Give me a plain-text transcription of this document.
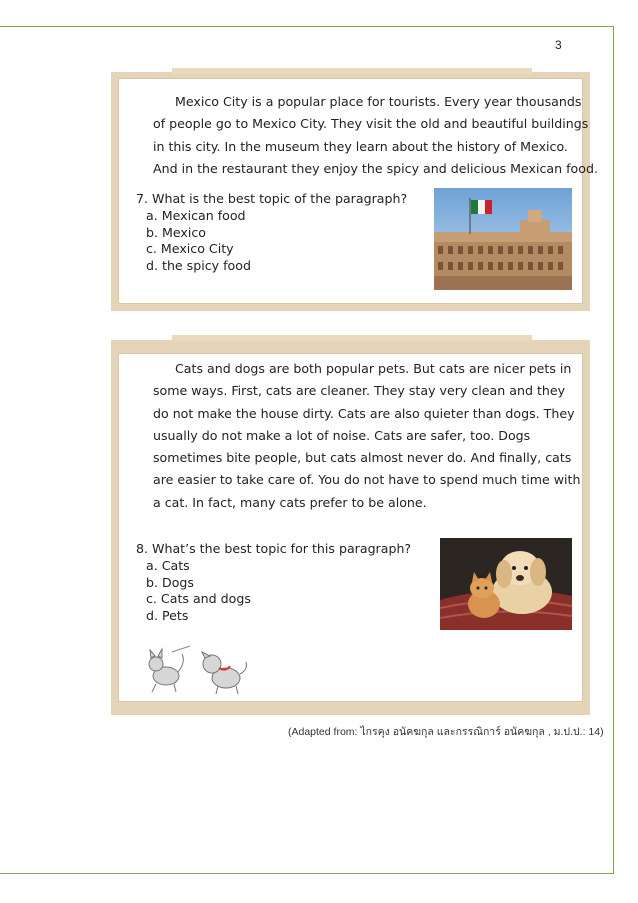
3

Mexico City is a popular place for tourists. Every year thousands

of people go to Mexico City. They visit the old and beautiful buildings

in this city. In the museum they learn about the history of Mexico.

And in the restaurant they enjoy the spicy and delicious Mexican food.

7. What is the best topic of the paragraph?
a. Mexican food
b. Mexico
c. Mexico City
d. the spicy food

Cats and dogs are both popular pets. But cats are nicer pets in

some ways. First, cats are cleaner. They stay very clean and they

do not make the house dirty. Cats are also quieter than dogs. They

usually do not make a lot of noise. Cats are safer, too. Dogs

sometimes bite people, but cats almost never do. And finally, cats

are easier to take care of. You do not have to spend much time with

a cat. In fact, many cats prefer to be alone.

8. What’s the best topic for this paragraph?
a. Cats
b. Dogs
c. Cats and dogs
d. Pets
(Adapted from: ไกรคุง อนัคฆกุล และกรรณิการ์ อนัคฆกุล , ม.ป.ป.: 14)
